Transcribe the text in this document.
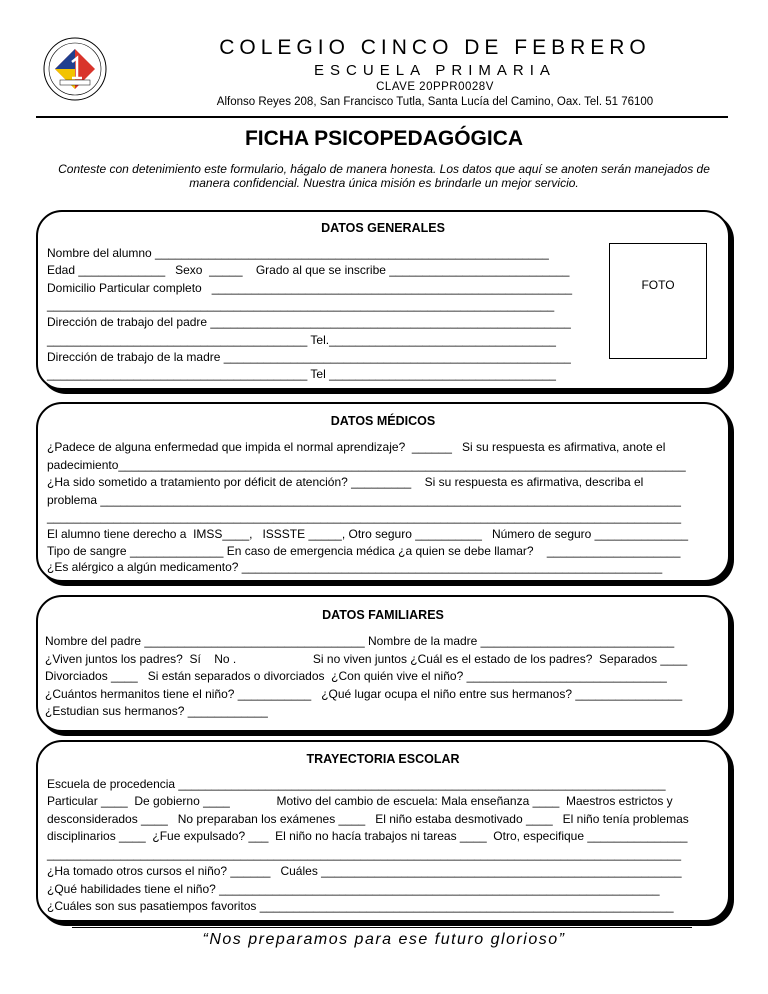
COLEGIO CINCO DE FEBRERO

ESCUELA PRIMARIA

CLAVE 20PPR0028V

Alfonso Reyes 208, San Francisco Tutla, Santa Lucía del Camino, Oax. Tel. 51 76100

FICHA PSICOPEDAGÓGICA

Conteste con detenimiento este formulario, hágalo de manera honesta. Los datos que aquí se anoten serán manejados de manera confidencial. Nuestra única misión es brindarle un mejor servicio.

DATOS GENERALES
Nombre del alumno ___________________________________________________________
Edad _____________   Sexo  _____    Grado al que se inscribe ___________________________
Domicilio Particular completo   ______________________________________________________
____________________________________________________________________________
Dirección de trabajo del padre ______________________________________________________
_______________________________________ Tel.__________________________________
Dirección de trabajo de la madre ____________________________________________________
_______________________________________ Tel __________________________________
FOTO
DATOS MÉDICOS
¿Padece de alguna enfermedad que impida el normal aprendizaje?  ______   Si su respuesta es afirmativa, anote el
padecimiento_____________________________________________________________________________________
¿Ha sido sometido a tratamiento por déficit de atención? _________    Si su respuesta es afirmativa, describa el
problema _______________________________________________________________________________________
_______________________________________________________________________________________________
El alumno tiene derecho a  IMSS____,   ISSSTE _____, Otro seguro __________   Número de seguro ______________
Tipo de sangre ______________ En caso de emergencia médica ¿a quien se debe llamar?    ____________________
¿Es alérgico a algún medicamento? _______________________________________________________________
DATOS FAMILIARES
Nombre del padre _________________________________ Nombre de la madre _____________________________
¿Viven juntos los padres?  Sí    No .                       Si no viven juntos ¿Cuál es el estado de los padres?  Separados ____
Divorciados ____   Si están separados o divorciados  ¿Con quién vive el niño? ______________________________
¿Cuántos hermanitos tiene el niño? ___________   ¿Qué lugar ocupa el niño entre sus hermanos? ________________
¿Estudian sus hermanos? ____________
TRAYECTORIA ESCOLAR
Escuela de procedencia _________________________________________________________________________
Particular ____  De gobierno ____              Motivo del cambio de escuela: Mala enseñanza ____  Maestros estrictos y
desconsiderados ____   No preparaban los exámenes ____   El niño estaba desmotivado ____   El niño tenía problemas
disciplinarios ____  ¿Fue expulsado? ___  El niño no hacía trabajos ni tareas ____  Otro, especifique _______________
_______________________________________________________________________________________________
¿Ha tomado otros cursos el niño? ______   Cuáles ______________________________________________________
¿Qué habilidades tiene el niño? __________________________________________________________________
¿Cuáles son sus pasatiempos favoritos ______________________________________________________________
“Nos preparamos para ese futuro glorioso”
